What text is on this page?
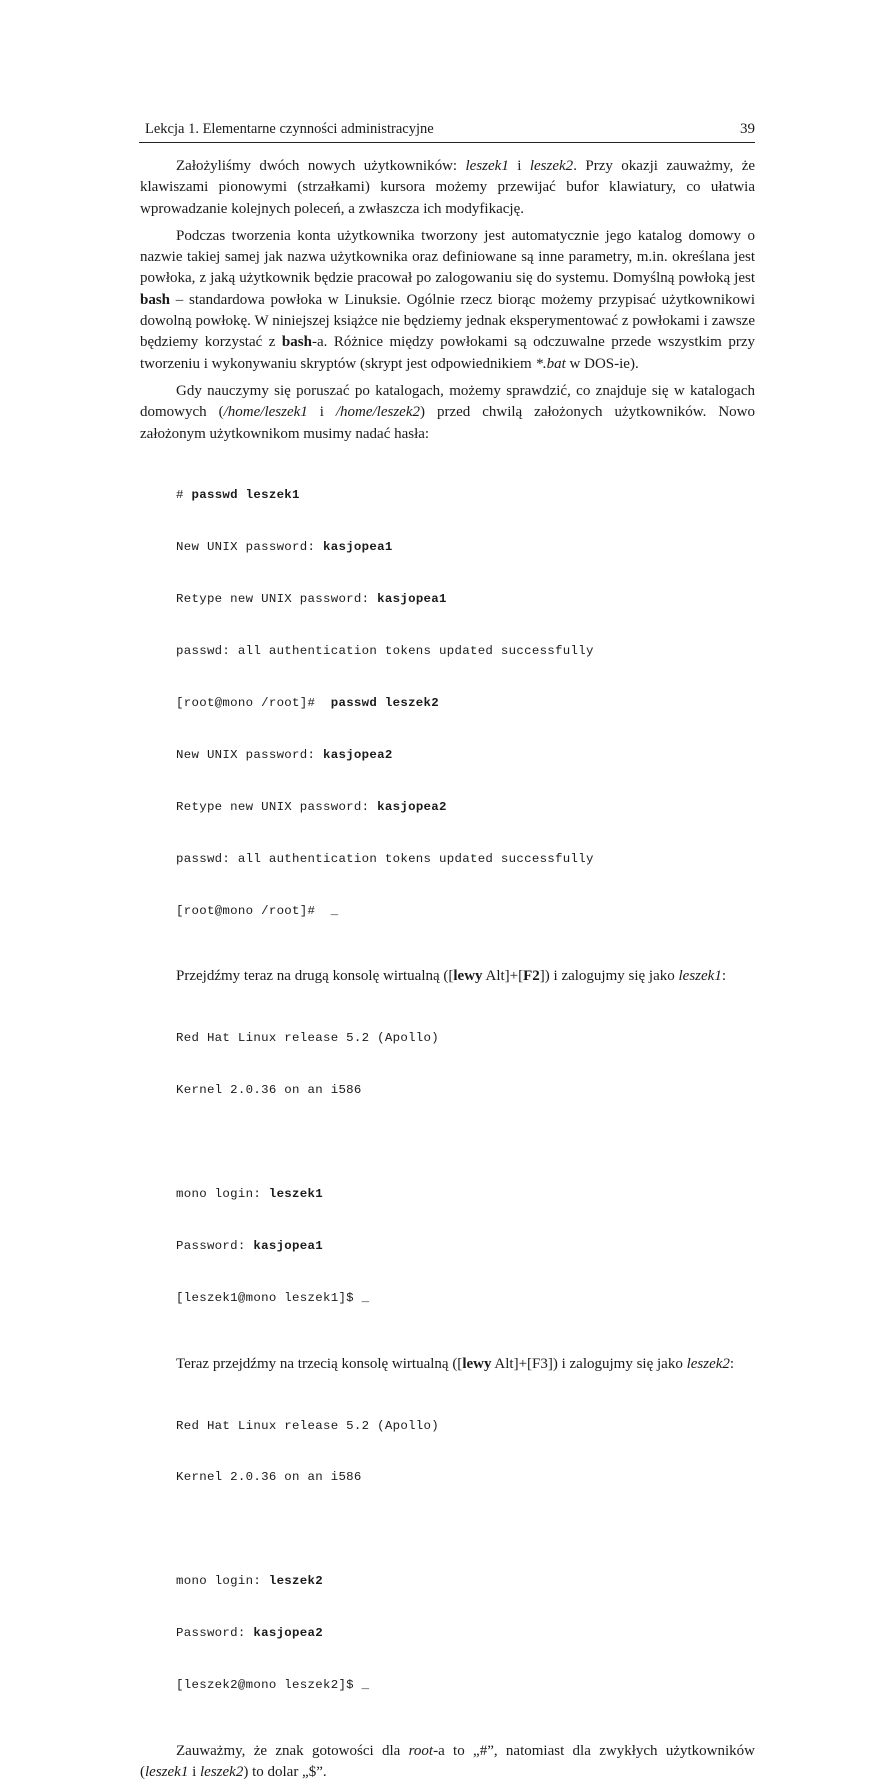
Lekcja 1. Elementarne czynności administracyjne	39

Założyliśmy dwóch nowych użytkowników: leszek1 i leszek2. Przy okazji zauważmy, że klawiszami pionowymi (strzałkami) kursora możemy przewijać bufor klawiatury, co ułatwia wprowadzanie kolejnych poleceń, a zwłaszcza ich modyfikację.

Podczas tworzenia konta użytkownika tworzony jest automatycznie jego katalog domowy o nazwie takiej samej jak nazwa użytkownika oraz definiowane są inne parametry, m.in. określana jest powłoka, z jaką użytkownik będzie pracował po zalogowaniu się do systemu. Domyślną powłoką jest bash – standardowa powłoka w Linuksie. Ogólnie rzecz biorąc możemy przypisać użytkownikowi dowolną powłokę. W niniejszej książce nie będziemy jednak eksperymentować z powłokami i zawsze będziemy korzystać z bash-a. Różnice między powłokami są odczuwalne przede wszystkim przy tworzeniu i wykonywaniu skryptów (skrypt jest odpowiednikiem *.bat w DOS-ie).

Gdy nauczymy się poruszać po katalogach, możemy sprawdzić, co znajduje się w katalogach domowych (/home/leszek1 i /home/leszek2) przed chwilą założonych użytkowników. Nowo założonym użytkownikom musimy nadać hasła:

# passwd leszek1

New UNIX password: kasjopea1

Retype new UNIX password: kasjopea1

passwd: all authentication tokens updated successfully

[root@mono /root]#  passwd leszek2

New UNIX password: kasjopea2

Retype new UNIX password: kasjopea2

passwd: all authentication tokens updated successfully

[root@mono /root]#  _

Przejdźmy teraz na drugą konsolę wirtualną ([lewy Alt]+[F2]) i zalogujmy się jako leszek1:

Red Hat Linux release 5.2 (Apollo)

Kernel 2.0.36 on an i586

mono login: leszek1

Password: kasjopea1

[leszek1@mono leszek1]$ _

Teraz przejdźmy na trzecią konsolę wirtualną ([lewy Alt]+[F3]) i zalogujmy się jako leszek2:

Red Hat Linux release 5.2 (Apollo)

Kernel 2.0.36 on an i586

mono login: leszek2

Password: kasjopea2

[leszek2@mono leszek2]$ _

Zauważmy, że znak gotowości dla root-a to „#”, natomiast dla zwykłych użytkowników (leszek1 i leszek2) to dolar „$”.
